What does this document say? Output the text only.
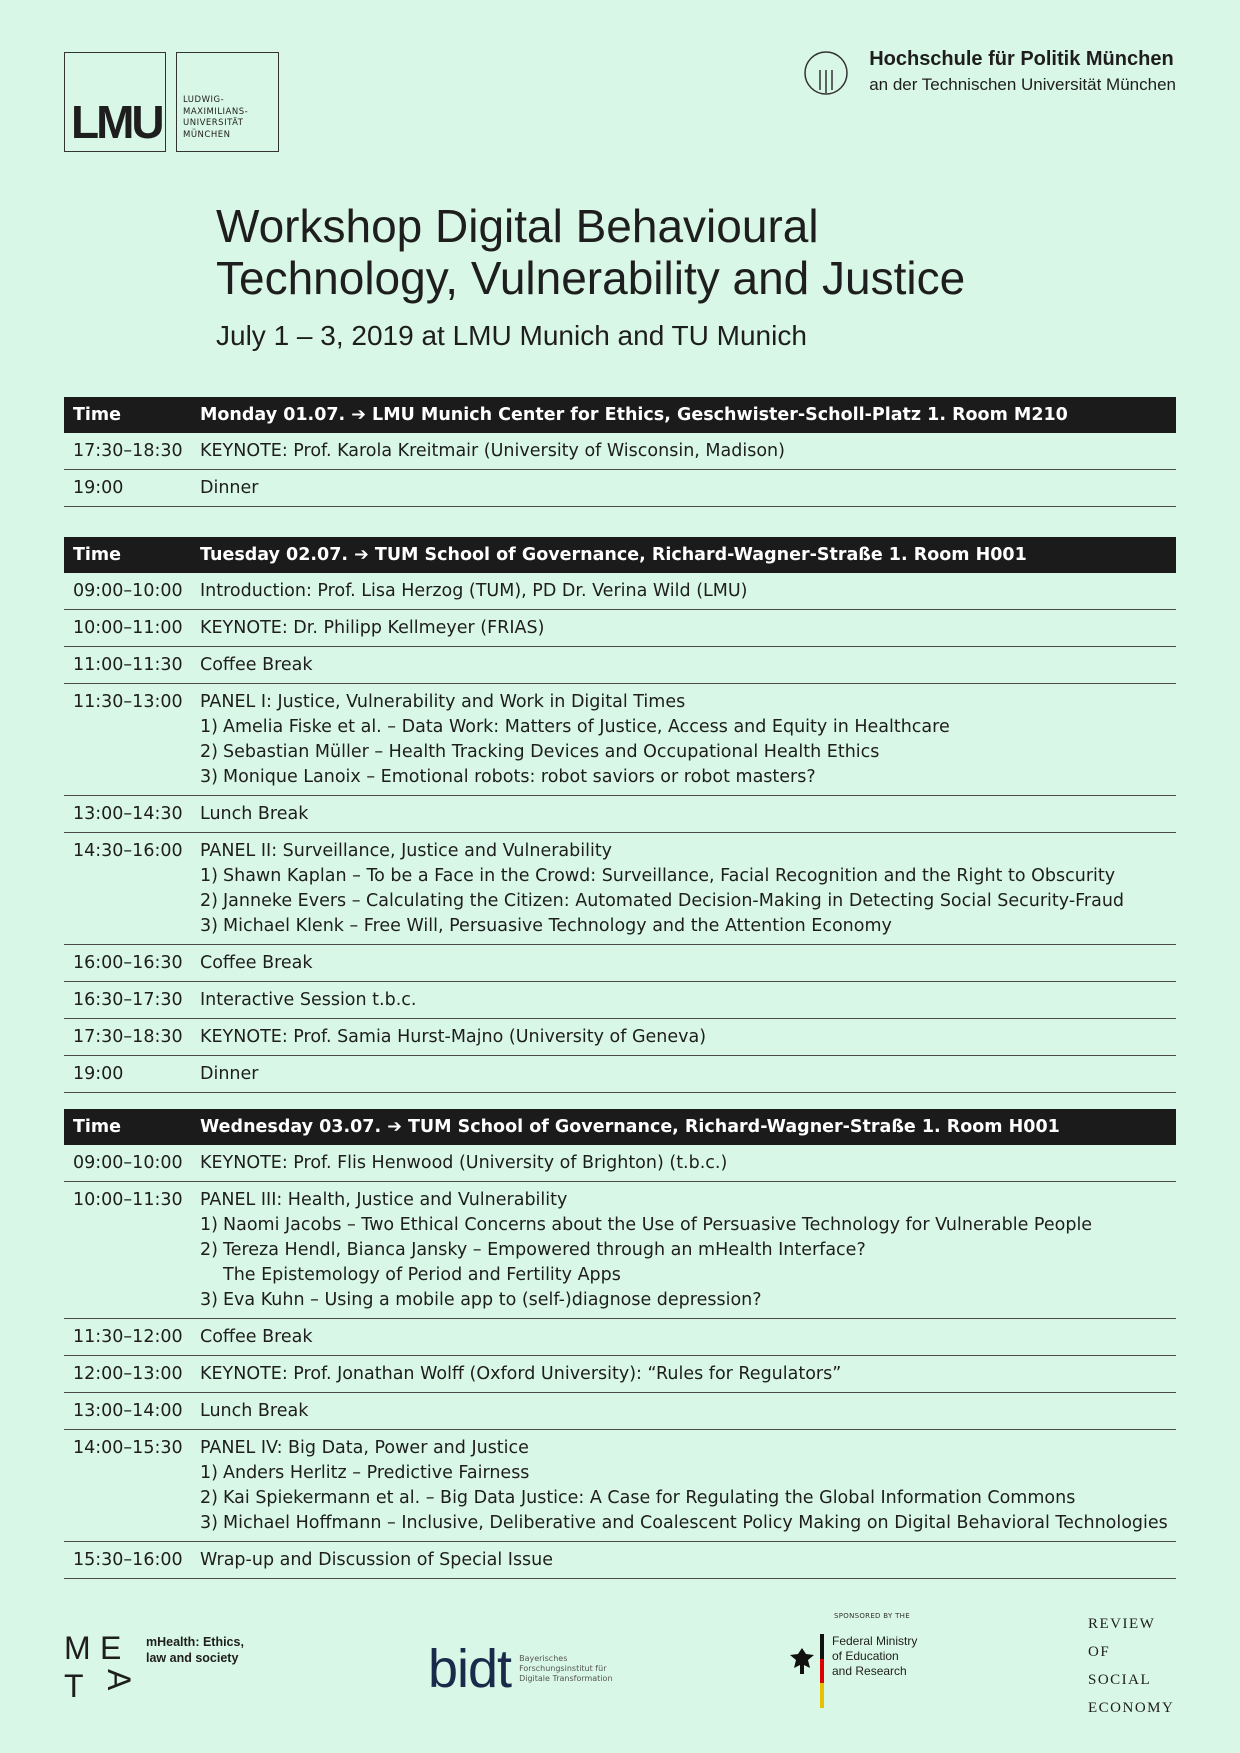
LMU	LUDWIG-
MAXIMILIANS-
UNIVERSITÄT
MÜNCHEN
Hochschule für Politik München
an der Technischen Universität München
Workshop Digital Behavioural
Technology, Vulnerability and Justice
July 1 – 3, 2019 at LMU Munich and TU Munich
Time	Monday 01.07. ➔ LMU Munich Center for Ethics, Geschwister-Scholl-Platz 1. Room M210
17:30–18:30 KEYNOTE: Prof. Karola Kreitmair (University of Wisconsin, Madison)
19:00	Dinner
Time	Tuesday 02.07. ➔ TUM School of Governance, Richard-Wagner-Straße 1. Room H001
09:00–10:00 Introduction: Prof. Lisa Herzog (TUM), PD Dr. Verina Wild (LMU)
10:00–11:00 KEYNOTE: Dr. Philipp Kellmeyer (FRIAS)
11:00–11:30 Coffee Break
11:30–13:00 PANEL I: Justice, Vulnerability and Work in Digital Times
1) Amelia Fiske et al. – Data Work: Matters of Justice, Access and Equity in Healthcare
2) Sebastian Müller – Health Tracking Devices and Occupational Health Ethics
3) Monique Lanoix – Emotional robots: robot saviors or robot masters?
13:00–14:30 Lunch Break
14:30–16:00 PANEL II: Surveillance, Justice and Vulnerability
1) Shawn Kaplan – To be a Face in the Crowd: Surveillance, Facial Recognition and the Right to Obscurity
2) Janneke Evers – Calculating the Citizen: Automated Decision-Making in Detecting Social Security-Fraud
3) Michael Klenk – Free Will, Persuasive Technology and the Attention Economy
16:00–16:30 Coffee Break
16:30–17:30 Interactive Session t.b.c.
17:30–18:30 KEYNOTE: Prof. Samia Hurst-Majno (University of Geneva)
19:00	Dinner
Time	Wednesday 03.07. ➔ TUM School of Governance, Richard-Wagner-Straße 1. Room H001
09:00–10:00 KEYNOTE: Prof. Flis Henwood (University of Brighton) (t.b.c.)
10:00–11:30 PANEL III: Health, Justice and Vulnerability
1) Naomi Jacobs – Two Ethical Concerns about the Use of Persuasive Technology for Vulnerable People
2) Tereza Hendl, Bianca Jansky – Empowered through an mHealth Interface?
The Epistemology of Period and Fertility Apps
3) Eva Kuhn – Using a mobile app to (self-)diagnose depression?
11:30–12:00 Coffee Break
12:00–13:00 KEYNOTE: Prof. Jonathan Wolff (Oxford University): “Rules for Regulators”
13:00–14:00 Lunch Break
14:00–15:30 PANEL IV: Big Data, Power and Justice
1) Anders Herlitz – Predictive Fairness
2) Kai Spiekermann et al. – Big Data Justice: A Case for Regulating the Global Information Commons
3) Michael Hoffmann – Inclusive, Deliberative and Coalescent Policy Making on Digital Behavioral Technologies
15:30–16:00 Wrap-up and Discussion of Special Issue
M E
T A
mHealth: Ethics,
law and society	bidt Bayerisches
Forschungsinstitut für
Digitale Transformation
SPONSORED BY THE
Federal Ministry
of Education
and Research
REVIEW
OF
SOCIAL
ECONOMY
